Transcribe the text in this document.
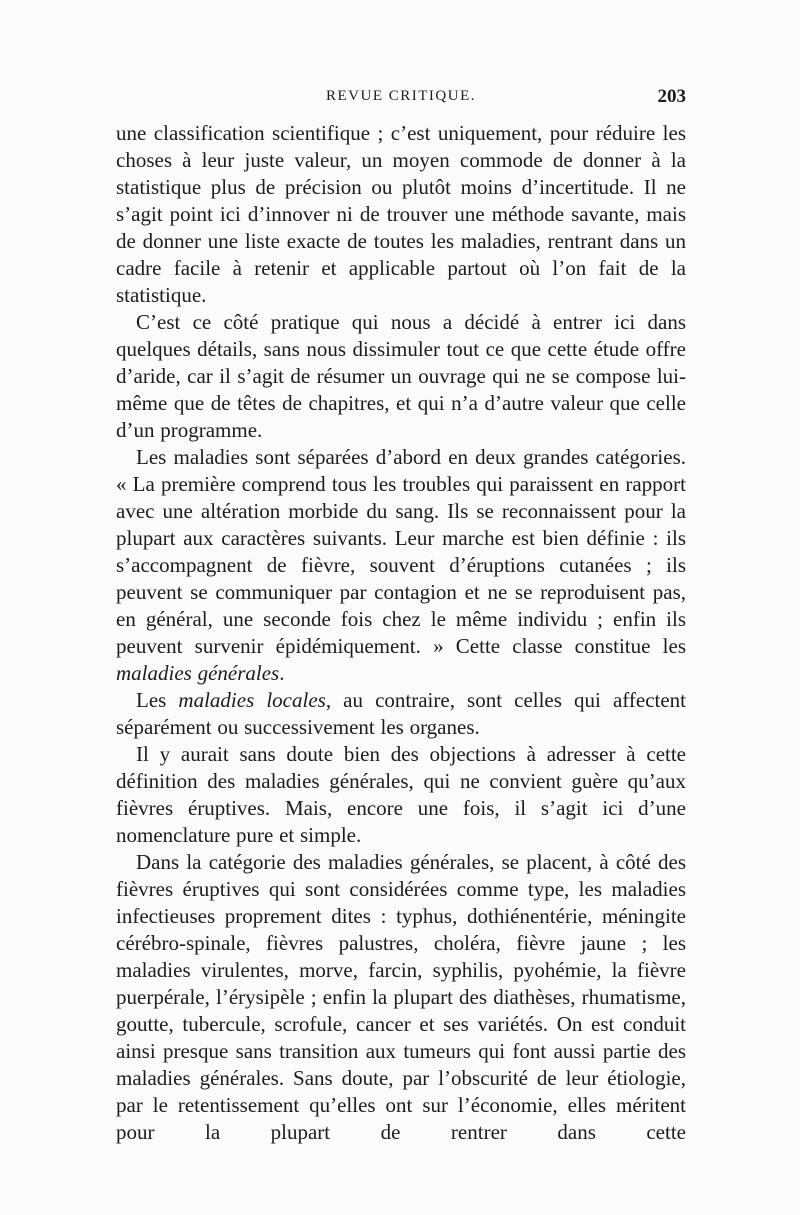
REVUE CRITIQUE.	203

une classification scientifique ; c’est uniquement, pour réduire les choses à leur juste valeur, un moyen commode de donner à la statistique plus de précision ou plutôt moins d’incertitude. Il ne s’agit point ici d’innover ni de trouver une méthode savante, mais de donner une liste exacte de toutes les maladies, rentrant dans un cadre facile à retenir et applicable partout où l’on fait de la statistique.

C’est ce côté pratique qui nous a décidé à entrer ici dans quelques détails, sans nous dissimuler tout ce que cette étude offre d’aride, car il s’agit de résumer un ouvrage qui ne se compose lui-même que de têtes de chapitres, et qui n’a d’autre valeur que celle d’un programme.

Les maladies sont séparées d’abord en deux grandes catégories. « La première comprend tous les troubles qui paraissent en rapport avec une altération morbide du sang. Ils se reconnaissent pour la plupart aux caractères suivants. Leur marche est bien définie : ils s’accompagnent de fièvre, souvent d’éruptions cutanées ; ils peuvent se communiquer par contagion et ne se reproduisent pas, en général, une seconde fois chez le même individu ; enfin ils peuvent survenir épidémiquement. » Cette classe constitue les maladies générales.

Les maladies locales, au contraire, sont celles qui affectent séparément ou successivement les organes.

Il y aurait sans doute bien des objections à adresser à cette définition des maladies générales, qui ne convient guère qu’aux fièvres éruptives. Mais, encore une fois, il s’agit ici d’une nomenclature pure et simple.

Dans la catégorie des maladies générales, se placent, à côté des fièvres éruptives qui sont considérées comme type, les maladies infectieuses proprement dites : typhus, dothiénentérie, méningite cérébro-spinale, fièvres palustres, choléra, fièvre jaune ; les maladies virulentes, morve, farcin, syphilis, pyohémie, la fièvre puerpérale, l’érysipèle ; enfin la plupart des diathèses, rhumatisme, goutte, tubercule, scrofule, cancer et ses variétés. On est conduit ainsi presque sans transition aux tumeurs qui font aussi partie des maladies générales. Sans doute, par l’obscurité de leur étiologie, par le retentissement qu’elles ont sur l’économie, elles méritent pour la plupart de rentrer dans cette
